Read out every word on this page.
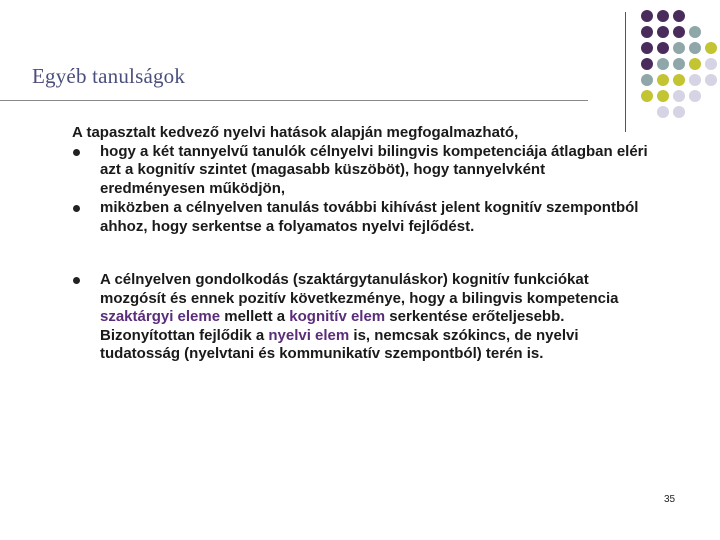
Egyéb tanulságok

A tapasztalt kedvező nyelvi hatások alapján megfogalmazható,

hogy a két tannyelvű tanulók célnyelvi bilingvis kompetenciája átlagban eléri azt a kognitív szintet (magasabb küszöböt), hogy tannyelvként eredményesen működjön,
miközben a célnyelven tanulás további kihívást jelent kognitív szempontból ahhoz, hogy serkentse a folyamatos nyelvi fejlődést.
A célnyelven gondolkodás (szaktárgytanuláskor) kognitív funkciókat mozgósít és ennek pozitív következménye, hogy a bilingvis kompetencia szaktárgyi eleme mellett a kognitív elem serkentése erőteljesebb. Bizonyítottan fejlődik a nyelvi elem is, nemcsak szókincs, de nyelvi tudatosság (nyelvtani és kommunikatív szempontból) terén is.
35
